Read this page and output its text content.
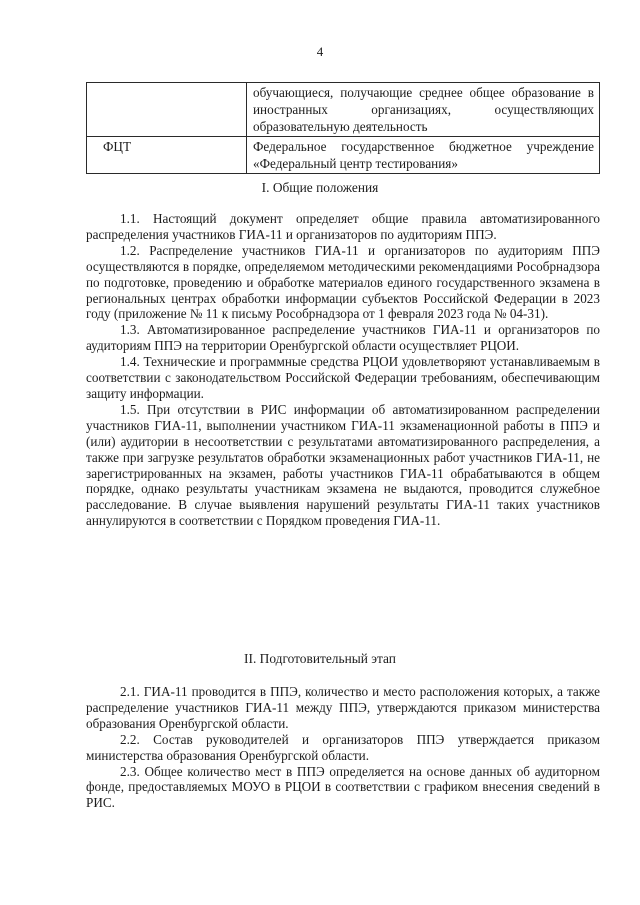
4
	обучающиеся, получающие среднее общее образование в иностранных организациях, осуществляющих образовательную деятельность
ФЦТ	Федеральное государственное бюджетное учреждение «Федеральный центр тестирования»
I. Общие положения

1.1. Настоящий документ определяет общие правила автоматизированного распределения участников ГИА-11 и организаторов по аудиториям ППЭ.

1.2. Распределение участников ГИА-11 и организаторов по аудиториям ППЭ осуществляются в порядке, определяемом методическими рекомендациями Рособрнадзора по подготовке, проведению и обработке материалов единого государственного экзамена в региональных центрах обработки информации субъектов Российской Федерации в 2023 году (приложение № 11 к письму Рособрнадзора от 1 февраля 2023 года № 04-31).

1.3. Автоматизированное распределение участников ГИА-11 и организаторов по аудиториям ППЭ на территории Оренбургской области осуществляет РЦОИ.

1.4. Технические и программные средства РЦОИ удовлетворяют устанавливаемым в соответствии с законодательством Российской Федерации требованиям, обеспечивающим защиту информации.

1.5. При отсутствии в РИС информации об автоматизированном распределении участников ГИА-11, выполнении участником ГИА-11 экзаменационной работы в ППЭ и (или) аудитории в несоответствии с результатами автоматизированного распределения, а также при загрузке результатов обработки экзаменационных работ участников ГИА-11, не зарегистрированных на экзамен, работы участников ГИА-11 обрабатываются в общем порядке, однако результаты участникам экзамена не выдаются, проводится служебное расследование. В случае выявления нарушений результаты ГИА-11 таких участников аннулируются в соответствии с Порядком проведения ГИА-11.

II. Подготовительный этап

2.1. ГИА-11 проводится в ППЭ, количество и место расположения которых, а также распределение участников ГИА-11 между ППЭ, утверждаются приказом министерства образования Оренбургской области.

2.2. Состав руководителей и организаторов ППЭ утверждается приказом министерства образования Оренбургской области.

2.3. Общее количество мест в ППЭ определяется на основе данных об аудиторном фонде, предоставляемых МОУО в РЦОИ в соответствии с графиком внесения сведений в РИС.
